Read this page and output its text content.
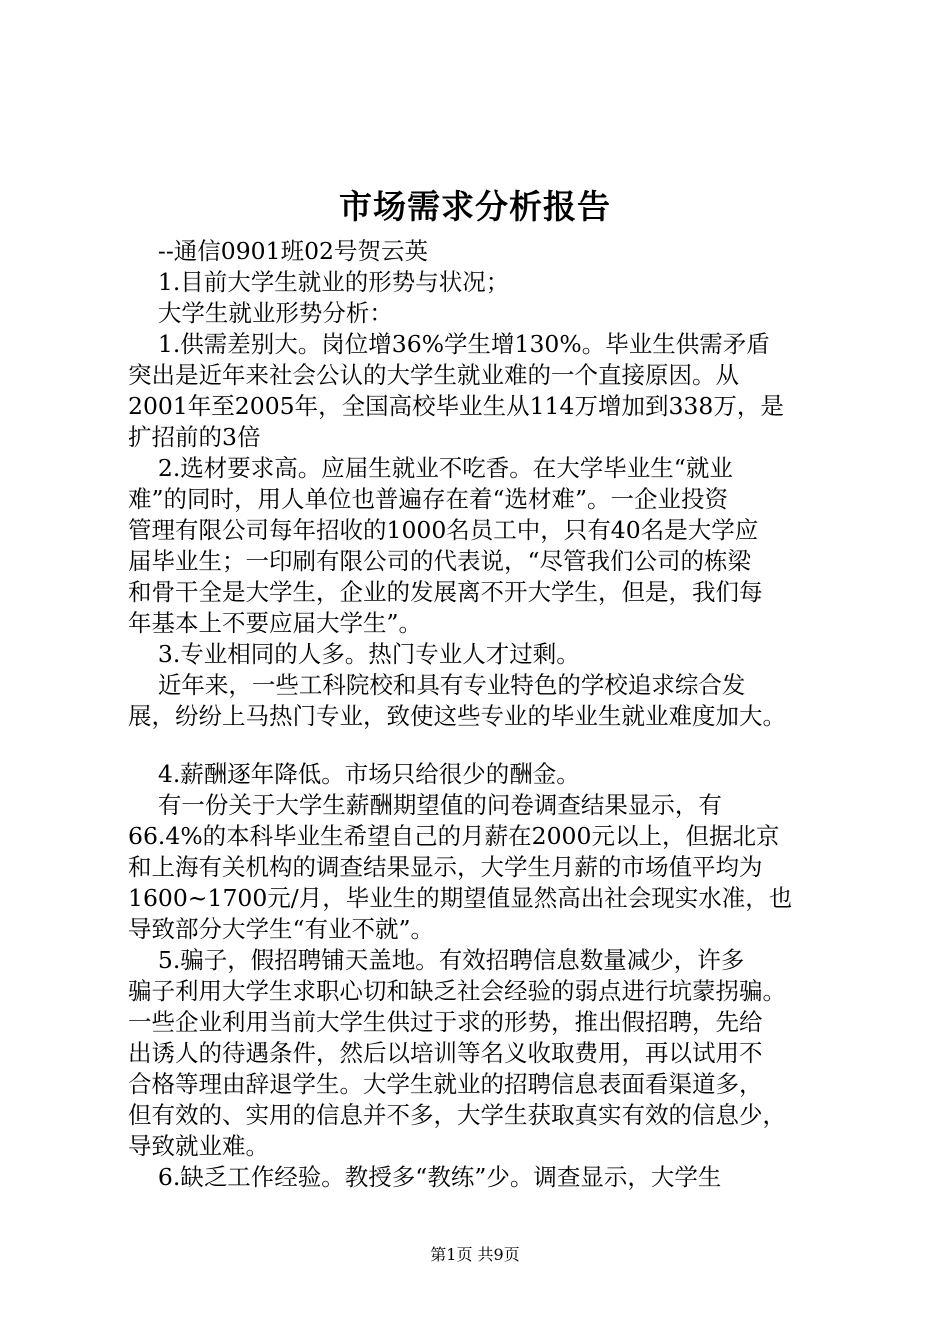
市场需求分析报告
--通信0901班02号贺云英
1.目前大学生就业的形势与状况；
大学生就业形势分析：
1.供需差别大。岗位增36%学生增130%。毕业生供需矛盾
突出是近年来社会公认的大学生就业难的一个直接原因。从
2001年至2005年，全国高校毕业生从114万增加到338万，是
扩招前的3倍
2.选材要求高。应届生就业不吃香。在大学毕业生“就业
难”的同时，用人单位也普遍存在着“选材难”。一企业投资
管理有限公司每年招收的1000名员工中，只有40名是大学应
届毕业生；一印刷有限公司的代表说，“尽管我们公司的栋梁
和骨干全是大学生，企业的发展离不开大学生，但是，我们每
年基本上不要应届大学生”。
3.专业相同的人多。热门专业人才过剩。
近年来，一些工科院校和具有专业特色的学校追求综合发
展，纷纷上马热门专业，致使这些专业的毕业生就业难度加大。
4.薪酬逐年降低。市场只给很少的酬金。
有一份关于大学生薪酬期望值的问卷调查结果显示，有
66.4%的本科毕业生希望自己的月薪在2000元以上，但据北京
和上海有关机构的调查结果显示，大学生月薪的市场值平均为
1600~1700元/月，毕业生的期望值显然高出社会现实水准，也
导致部分大学生“有业不就”。
5.骗子，假招聘铺天盖地。有效招聘信息数量减少，许多
骗子利用大学生求职心切和缺乏社会经验的弱点进行坑蒙拐骗。
一些企业利用当前大学生供过于求的形势，推出假招聘，先给
出诱人的待遇条件，然后以培训等名义收取费用，再以试用不
合格等理由辞退学生。大学生就业的招聘信息表面看渠道多，
但有效的、实用的信息并不多，大学生获取真实有效的信息少，
导致就业难。
6.缺乏工作经验。教授多“教练”少。调查显示，大学生
第1页 共9页
